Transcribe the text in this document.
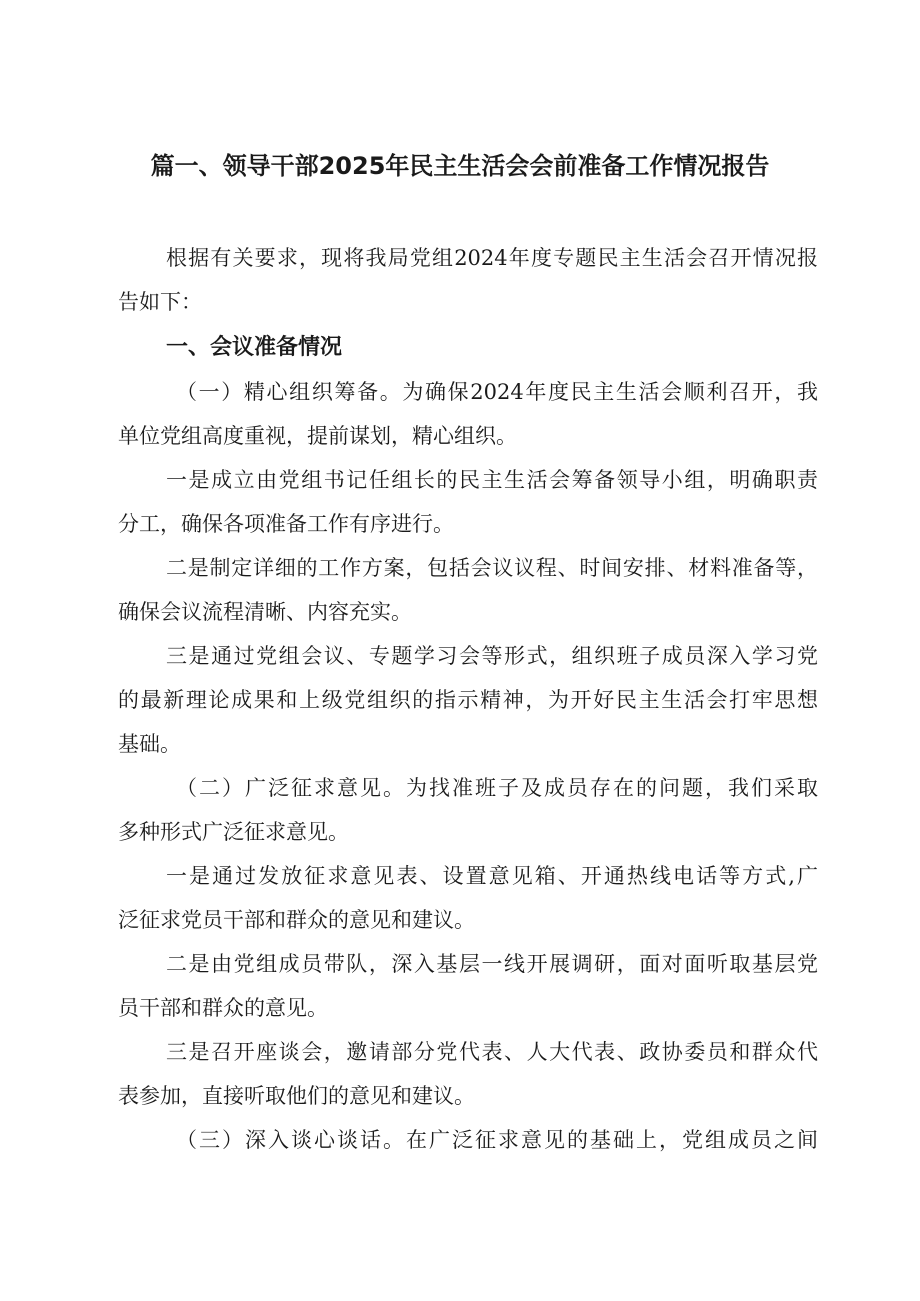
篇一、领导干部2025年民主生活会会前准备工作情况报告

根据有关要求，现将我局党组2024年度专题民主生活会召开情况报

告如下：

一、会议准备情况

（一）精心组织筹备。为确保2024年度民主生活会顺利召开，我

单位党组高度重视，提前谋划，精心组织。

一是成立由党组书记任组长的民主生活会筹备领导小组，明确职责

分工，确保各项准备工作有序进行。

二是制定详细的工作方案，包括会议议程、时间安排、材料准备等，

确保会议流程清晰、内容充实。

三是通过党组会议、专题学习会等形式，组织班子成员深入学习党

的最新理论成果和上级党组织的指示精神，为开好民主生活会打牢思想

基础。

（二）广泛征求意见。为找准班子及成员存在的问题，我们采取

多种形式广泛征求意见。

一是通过发放征求意见表、设置意见箱、开通热线电话等方式,广

泛征求党员干部和群众的意见和建议。

二是由党组成员带队，深入基层一线开展调研，面对面听取基层党

员干部和群众的意见。

三是召开座谈会，邀请部分党代表、人大代表、政协委员和群众代

表参加，直接听取他们的意见和建议。

（三）深入谈心谈话。在广泛征求意见的基础上，党组成员之间
